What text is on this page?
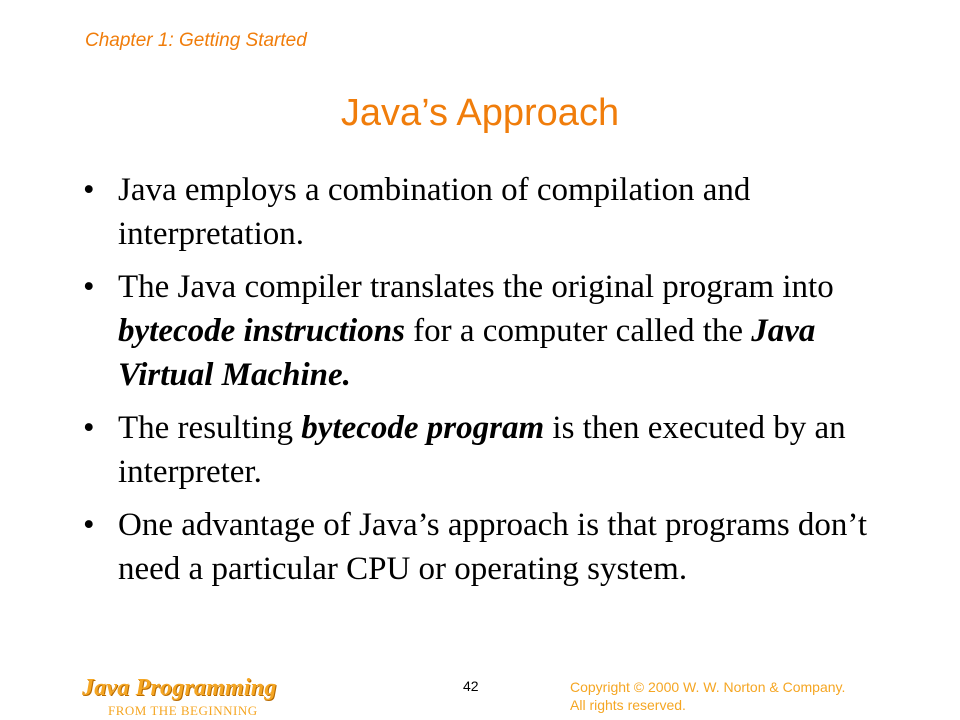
Chapter 1: Getting Started
Java’s Approach
• Java employs a combination of compilation and interpretation.
• The Java compiler translates the original program into bytecode instructions for a computer called the Java Virtual Machine.
• The resulting bytecode program is then executed by an interpreter.
• One advantage of Java’s approach is that programs don’t need a particular CPU or operating system.
Java Programming
FROM THE BEGINNING
42	Copyright © 2000 W. W. Norton & Company.
All rights reserved.
